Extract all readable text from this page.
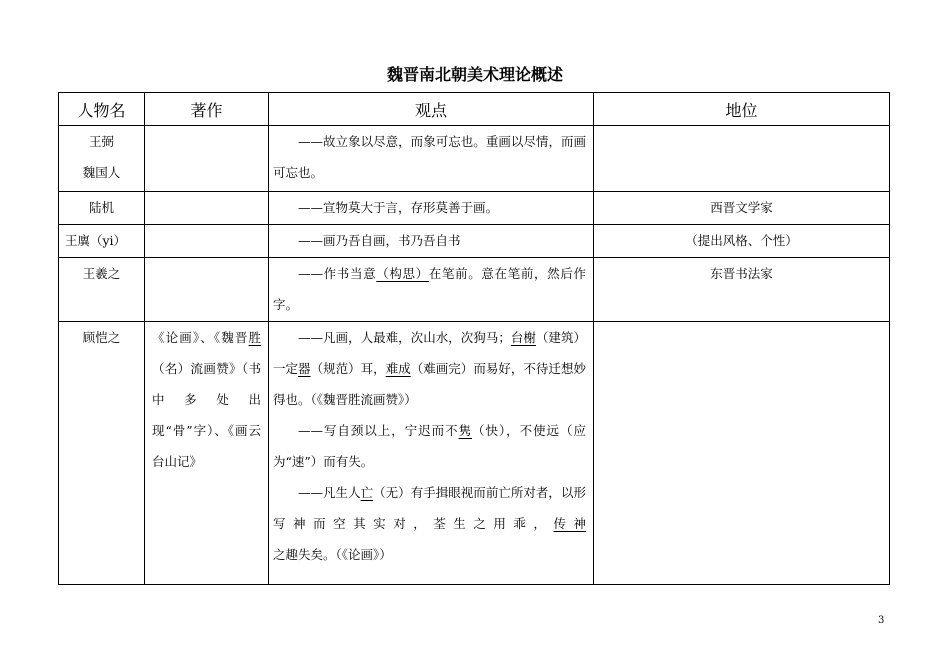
魏晋南北朝美术理论概述
人物名	著作	观点	地位

王弼
魏国人		——故立象以尽意，而象可忘也。重画以尽情，而画可忘也。	

陆机		——宣物莫大于言，存形莫善于画。	西晋文学家
王廙（yi）		——画乃吾自画，书乃吾自书	（提出风格、个性）
王羲之		——作书当意（构思）在笔前。意在笔前，然后作字。	东晋书法家
顾恺之	《论画》、《魏晋胜（名）流画赞》（书中多处出现“骨”字）、《画云台山记》	——凡画，人最难，次山水，次狗马；台榭（建筑）一定器（规范）耳，难成（难画完）而易好，不待迁想妙得也。（《魏晋胜流画赞》）

——写自颈以上，宁迟而不隽（快），不使远（应为“速”）而有失。

——凡生人亡（无）有手揖眼视而前亡所对者，以形写神而空其实对，荃生之用乖，传神之趣失矣。（《论画》）	

3
